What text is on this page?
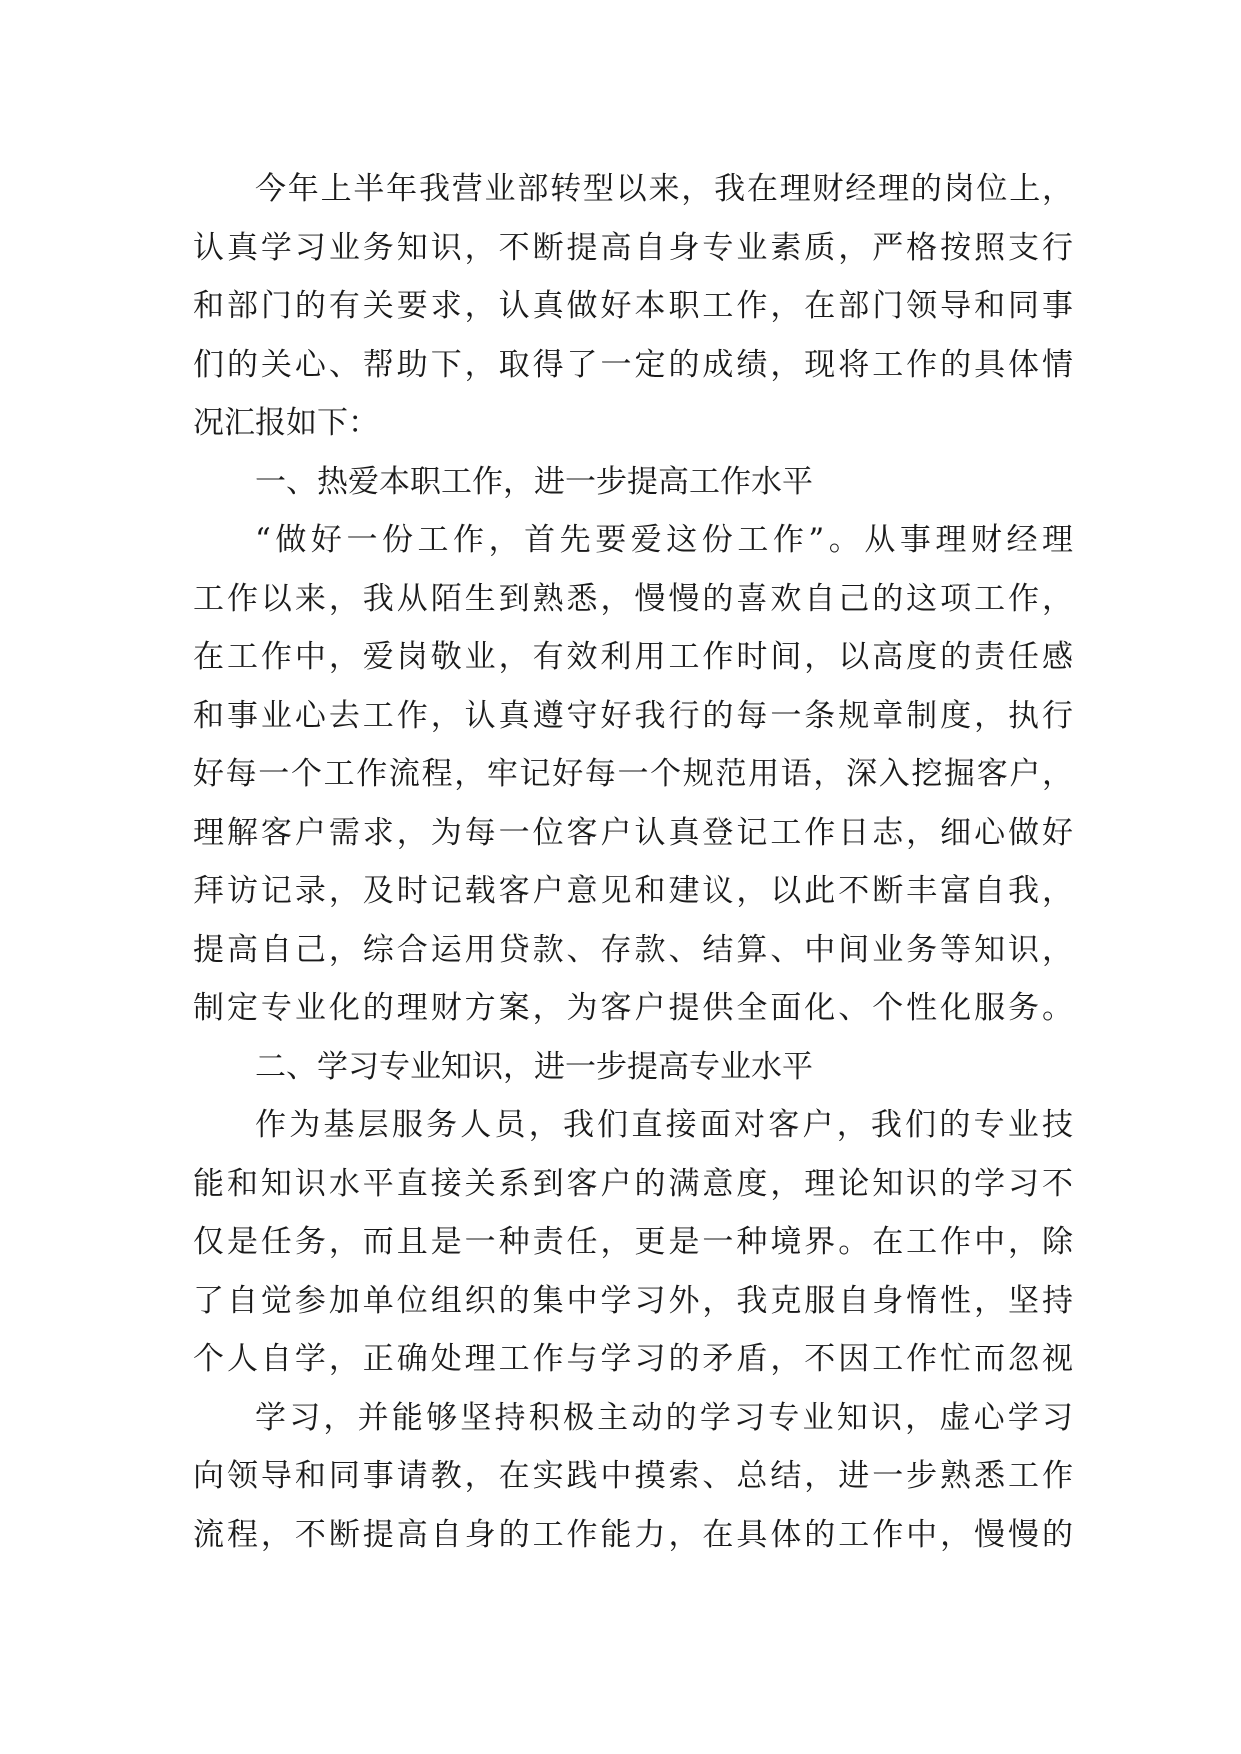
今年上半年我营业部转型以来，我在理财经理的岗位上，
认真学习业务知识，不断提高自身专业素质，严格按照支行
和部门的有关要求，认真做好本职工作，在部门领导和同事
们的关心、帮助下，取得了一定的成绩，现将工作的具体情
况汇报如下：
一、热爱本职工作，进一步提高工作水平
“做好一份工作，首先要爱这份工作”。从事理财经理
工作以来，我从陌生到熟悉，慢慢的喜欢自己的这项工作，
在工作中，爱岗敬业，有效利用工作时间，以高度的责任感
和事业心去工作，认真遵守好我行的每一条规章制度，执行
好每一个工作流程，牢记好每一个规范用语，深入挖掘客户，
理解客户需求，为每一位客户认真登记工作日志，细心做好
拜访记录，及时记载客户意见和建议，以此不断丰富自我，
提高自己，综合运用贷款、存款、结算、中间业务等知识，
制定专业化的理财方案，为客户提供全面化、个性化服务。
二、学习专业知识，进一步提高专业水平
作为基层服务人员，我们直接面对客户，我们的专业技
能和知识水平直接关系到客户的满意度，理论知识的学习不
仅是任务，而且是一种责任，更是一种境界。在工作中，除
了自觉参加单位组织的集中学习外，我克服自身惰性，坚持
个人自学，正确处理工作与学习的矛盾，不因工作忙而忽视
学习，并能够坚持积极主动的学习专业知识，虚心学习
向领导和同事请教，在实践中摸索、总结，进一步熟悉工作
流程，不断提高自身的工作能力，在具体的工作中，慢慢的
